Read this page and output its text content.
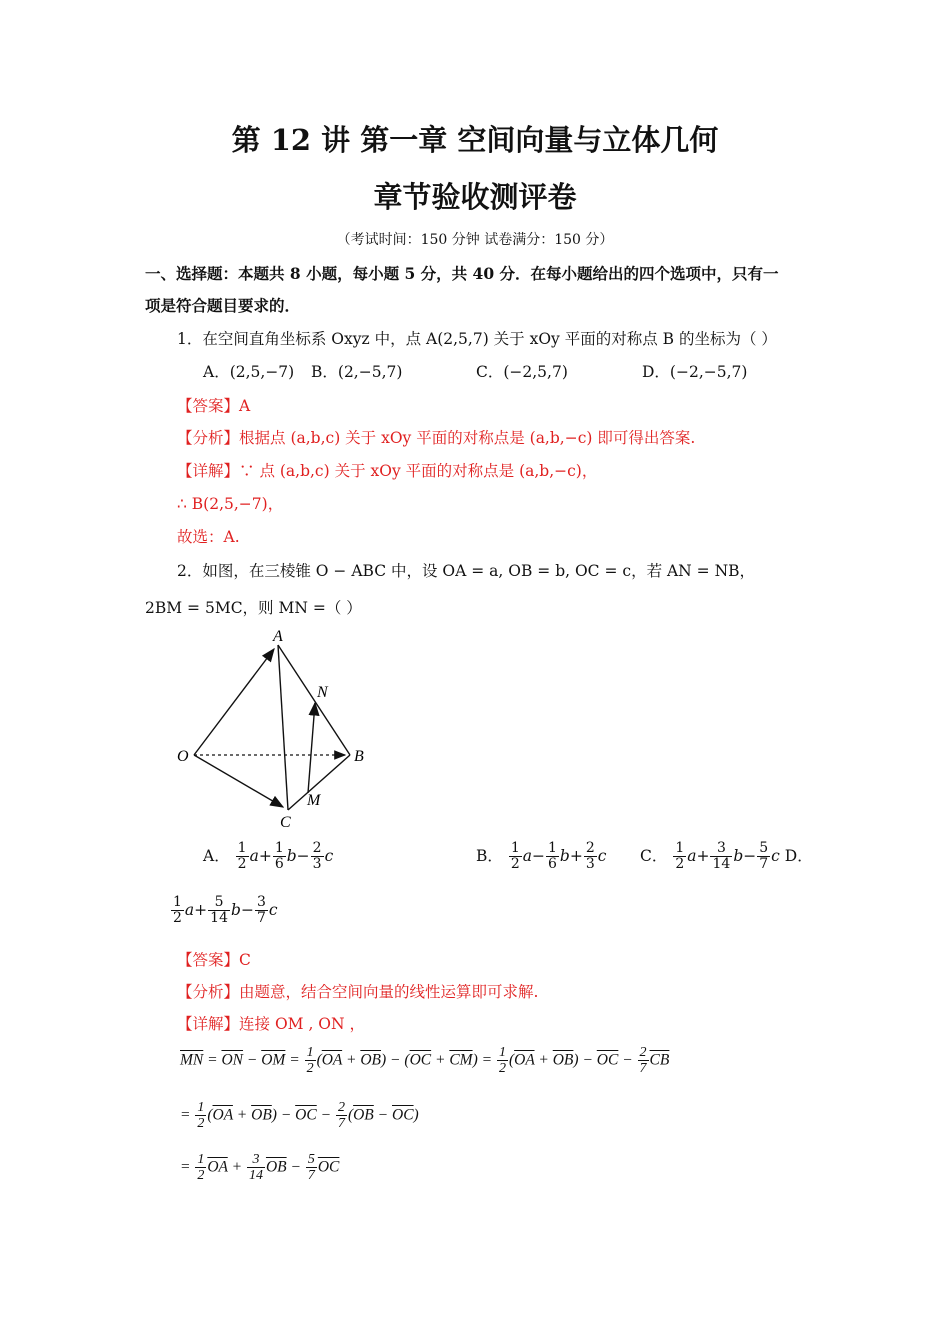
第 12 讲 第一章 空间向量与立体几何
章节验收测评卷
（考试时间：150 分钟 试卷满分：150 分）
一、选择题：本题共 8 小题，每小题 5 分，共 40 分．在每小题给出的四个选项中，只有一
项是符合题目要求的．
1．在空间直角坐标系 Oxyz 中，点 A(2,5,7) 关于 xOy 平面的对称点 B 的坐标为（ ）
A．(2,5,−7) B．(2,−5,7)	C．(−2,5,7)	D．(−2,−5,7)
【答案】A
【分析】根据点 (a,b,c) 关于 xOy 平面的对称点是 (a,b,−c) 即可得出答案.
【详解】∵ 点 (a,b,c) 关于 xOy 平面的对称点是 (a,b,−c)，
∴ B(2,5,−7)，
故选：A.
2．如图，在三棱锥 O − ABC 中，设 OA = a, OB = b, OC = c，若 AN = NB，
2BM = 5MC，则 MN =（ ）
A
N
O	B
M
C
A． $\frac{1}{2} a+ \frac{1}{6} b- \frac{2}{3}$ c	B． $\frac{1}{2} a- \frac{1}{6} b+ \frac{2}{3}$ c C． $\frac{1}{2} a+ \frac{3}{14} b- \frac{5}{7}$ c D．
$\frac{1}{2} a+ \frac{5}{14} b- \frac{3}{7}$ c
【答案】C
【分析】由题意，结合空间向量的线性运算即可求解.
【详解】连接 OM , ON ，
$\overline{MN} = \overline{ON} - \overline{OM} = \frac{1}{2} (\overline{OA} + \overline{OB}) - (\overline{OC} + \overline{CM}) = \frac{1}{2} (\overline{OA} + \overline{OB}) - \overline{OC} - \frac{2}{7} \overline{CB}$
= $\frac{1}{2} (\overline{OA} + \overline{OB}) - \overline{OC} - \frac{2}{7} (\overline{OB} - \overline{OC})$
= $\frac{1}{2} \overline{OA} + \frac{3}{14} \overline{OB} - \frac{5}{7} \overline{OC}$
